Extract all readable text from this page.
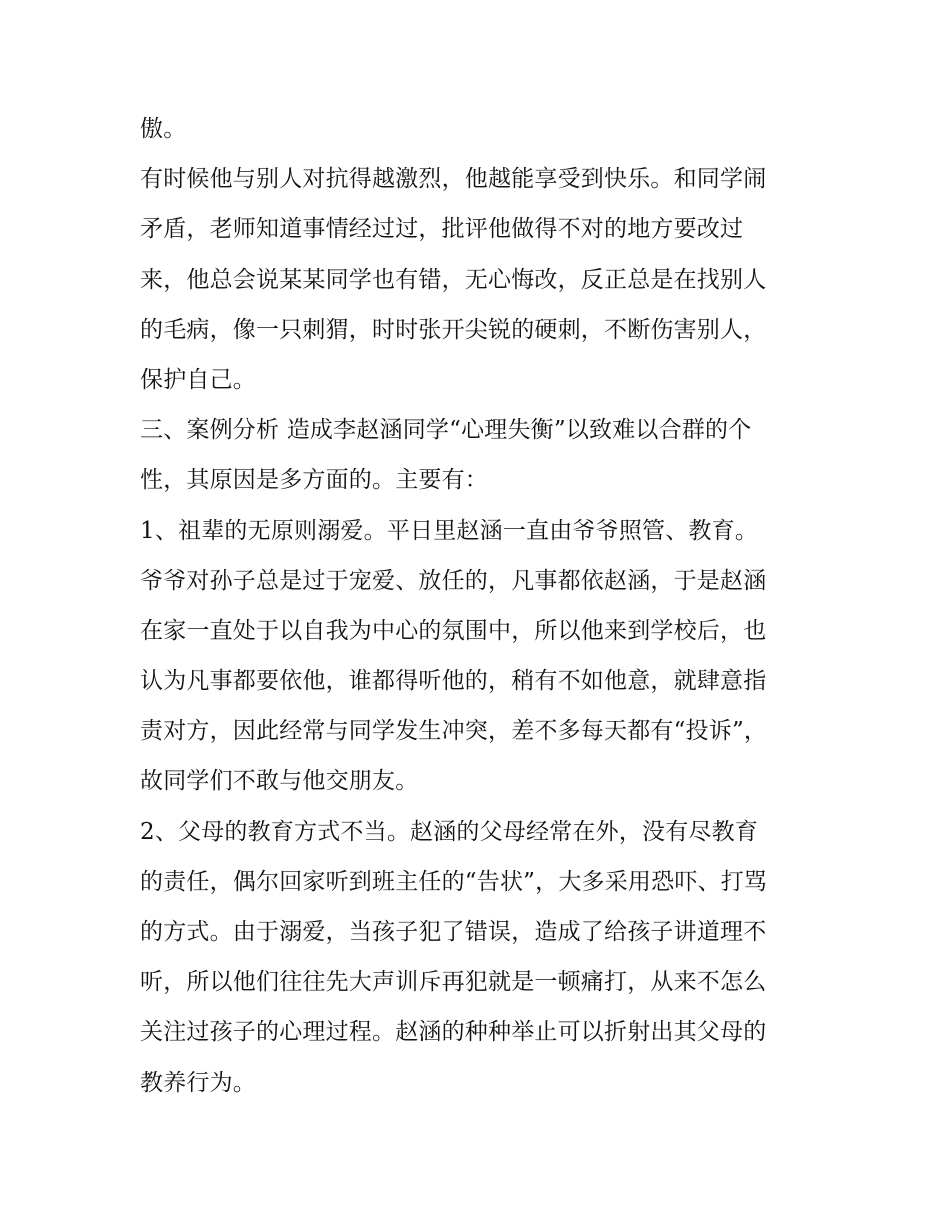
傲。
有时候他与别人对抗得越激烈，他越能享受到快乐。和同学闹
矛盾，老师知道事情经过过，批评他做得不对的地方要改过
来，他总会说某某同学也有错，无心悔改，反正总是在找别人
的毛病，像一只刺猬，时时张开尖锐的硬刺，不断伤害别人，
保护自己。
三、案例分析 造成李赵涵同学“心理失衡”以致难以合群的个
性，其原因是多方面的。主要有：
1、祖辈的无原则溺爱。平日里赵涵一直由爷爷照管、教育。
爷爷对孙子总是过于宠爱、放任的，凡事都依赵涵，于是赵涵
在家一直处于以自我为中心的氛围中，所以他来到学校后，也
认为凡事都要依他，谁都得听他的，稍有不如他意，就肆意指
责对方，因此经常与同学发生冲突，差不多每天都有“投诉”，
故同学们不敢与他交朋友。
2、父母的教育方式不当。赵涵的父母经常在外，没有尽教育
的责任，偶尔回家听到班主任的“告状”，大多采用恐吓、打骂
的方式。由于溺爱，当孩子犯了错误，造成了给孩子讲道理不
听，所以他们往往先大声训斥再犯就是一顿痛打，从来不怎么
关注过孩子的心理过程。赵涵的种种举止可以折射出其父母的
教养行为。
